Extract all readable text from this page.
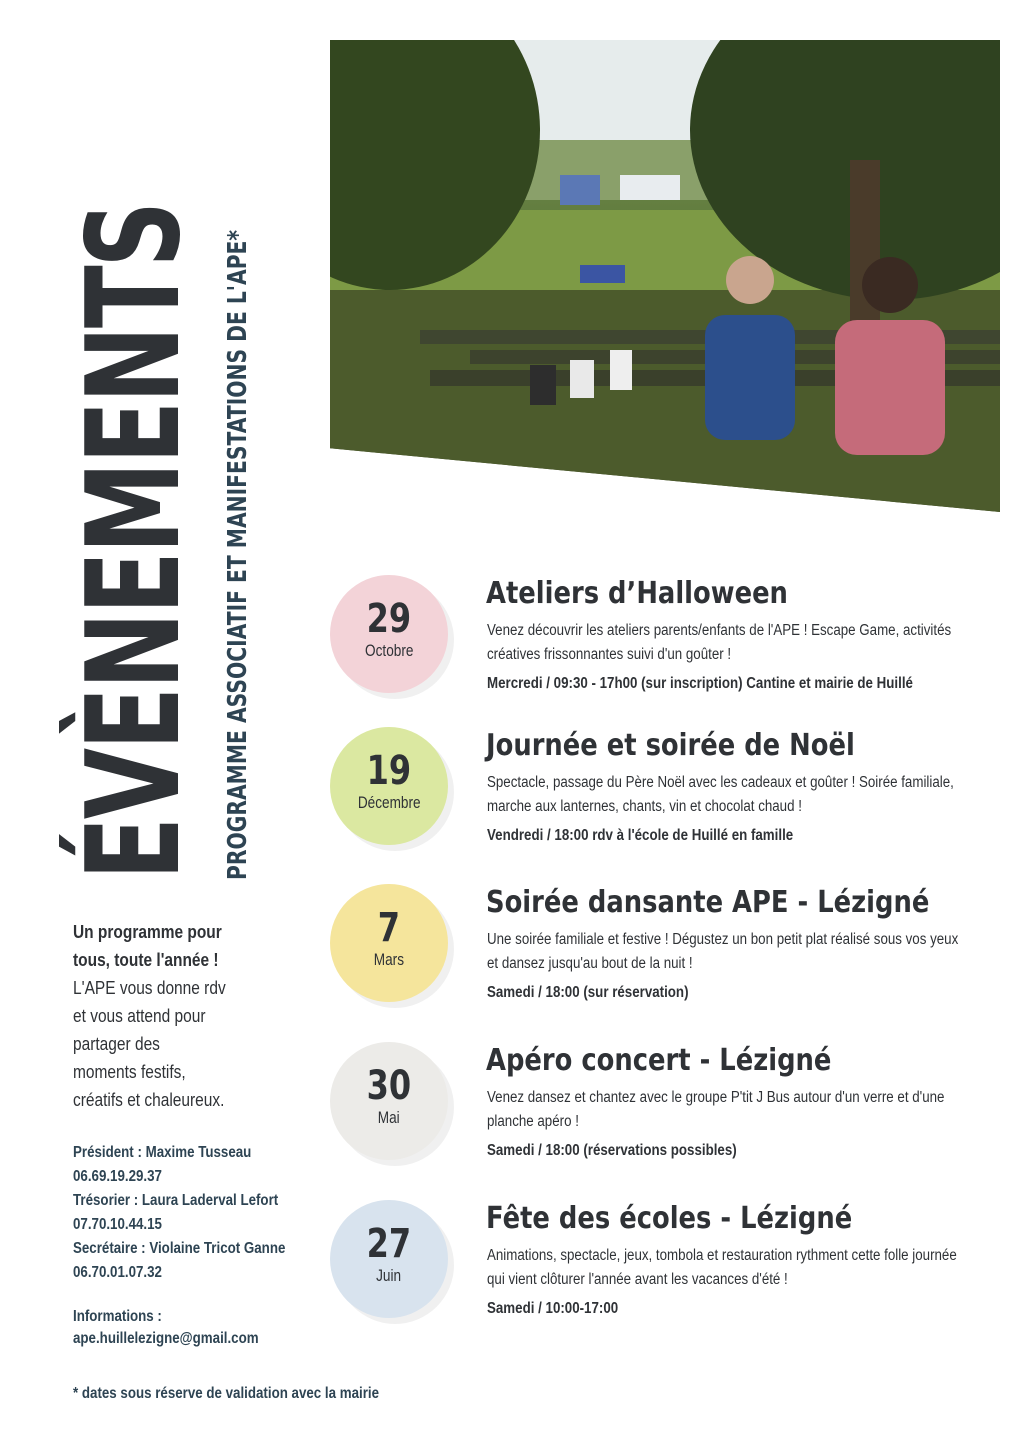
ÉVÈNEMENTS PROGRAMME ASSOCIATIF ET MANIFESTATIONS DE L'APE*	29
Octobre
Ateliers d’Halloween
Venez découvrir les ateliers parents/enfants de l'APE ! Escape Game, activités créatives frissonnantes suivi d'un goûter !
Mercredi / 09:30 - 17h00 (sur inscription) Cantine et mairie de Huillé
19
Décembre
Journée et soirée de Noël
Spectacle, passage du Père Noël avec les cadeaux et goûter ! Soirée familiale, marche aux lanternes, chants, vin et chocolat chaud !
Vendredi / 18:00 rdv à l'école de Huillé en famille
7
Mars
Soirée dansante APE - Lézigné
Une soirée familiale et festive ! Dégustez un bon petit plat réalisé sous vos yeux et dansez jusqu'au bout de la nuit !
Samedi / 18:00 (sur réservation)
30
Mai
Apéro concert - Lézigné
Venez dansez et chantez avec le groupe P'tit J Bus autour d'un verre et d'une planche apéro !
Samedi / 18:00 (réservations possibles)
27
Juin
Fête des écoles - Lézigné
Animations, spectacle, jeux, tombola et restauration rythment cette folle journée qui vient clôturer l'année avant les vacances d'été !
Samedi / 10:00-17:00
Un programme pour
tous, toute l'année !
L'APE vous donne rdv
et vous attend pour
partager des
moments festifs,
créatifs et chaleureux.
Président : Maxime Tusseau
06.69.19.29.37
Trésorier : Laura Laderval Lefort
07.70.10.44.15
Secrétaire : Violaine Tricot Ganne
06.70.01.07.32
Informations :
ape.huillelezigne@gmail.com
* dates sous réserve de validation avec la mairie
